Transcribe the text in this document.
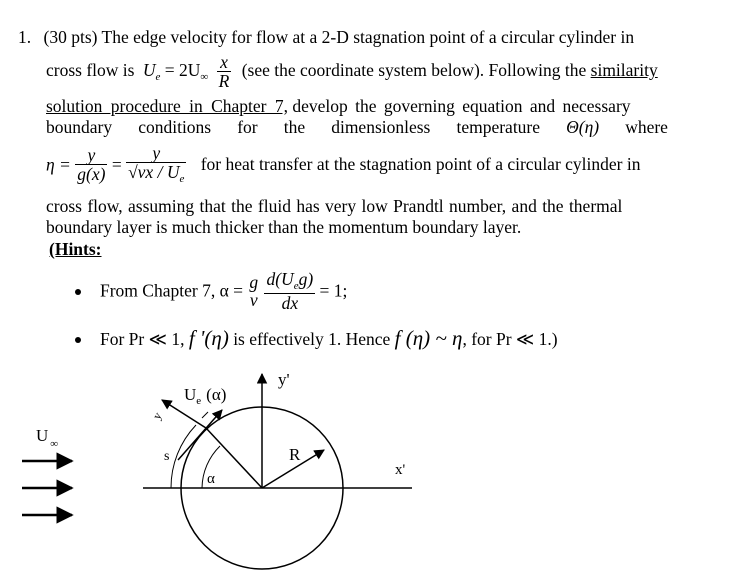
1. (30 pts) The edge velocity for flow at a 2-D stagnation point of a circular cylinder in
cross flow is $U_e = 2U_\infty \frac{x}{R} (see$ the coordinate system below). Following the similarity
solution procedure in Chapter 7, develop the governing equation and necessary
boundary conditions for the dimensionless temperature Θ(η) where
$\eta = \frac{y}{g(x)} = \frac{y}{√\nu x / U_e}$ for heat transfer at the stagnation point of a circular cylinder in
cross flow, assuming that the fluid has very low Prandtl number, and the thermal
boundary layer is much thicker than the momentum boundary layer.
(Hints:
From Chapter 7, α = g
ν
$\frac{d(U_eg)}{dx} = 1$;
For Pr ≪ 1, f '(η) is effectively 1. Hence f (η) ~ η, for Pr ≪ 1.)
U $_\infty$
$U_e$ (α)
y'
x'
R
s
α
y
